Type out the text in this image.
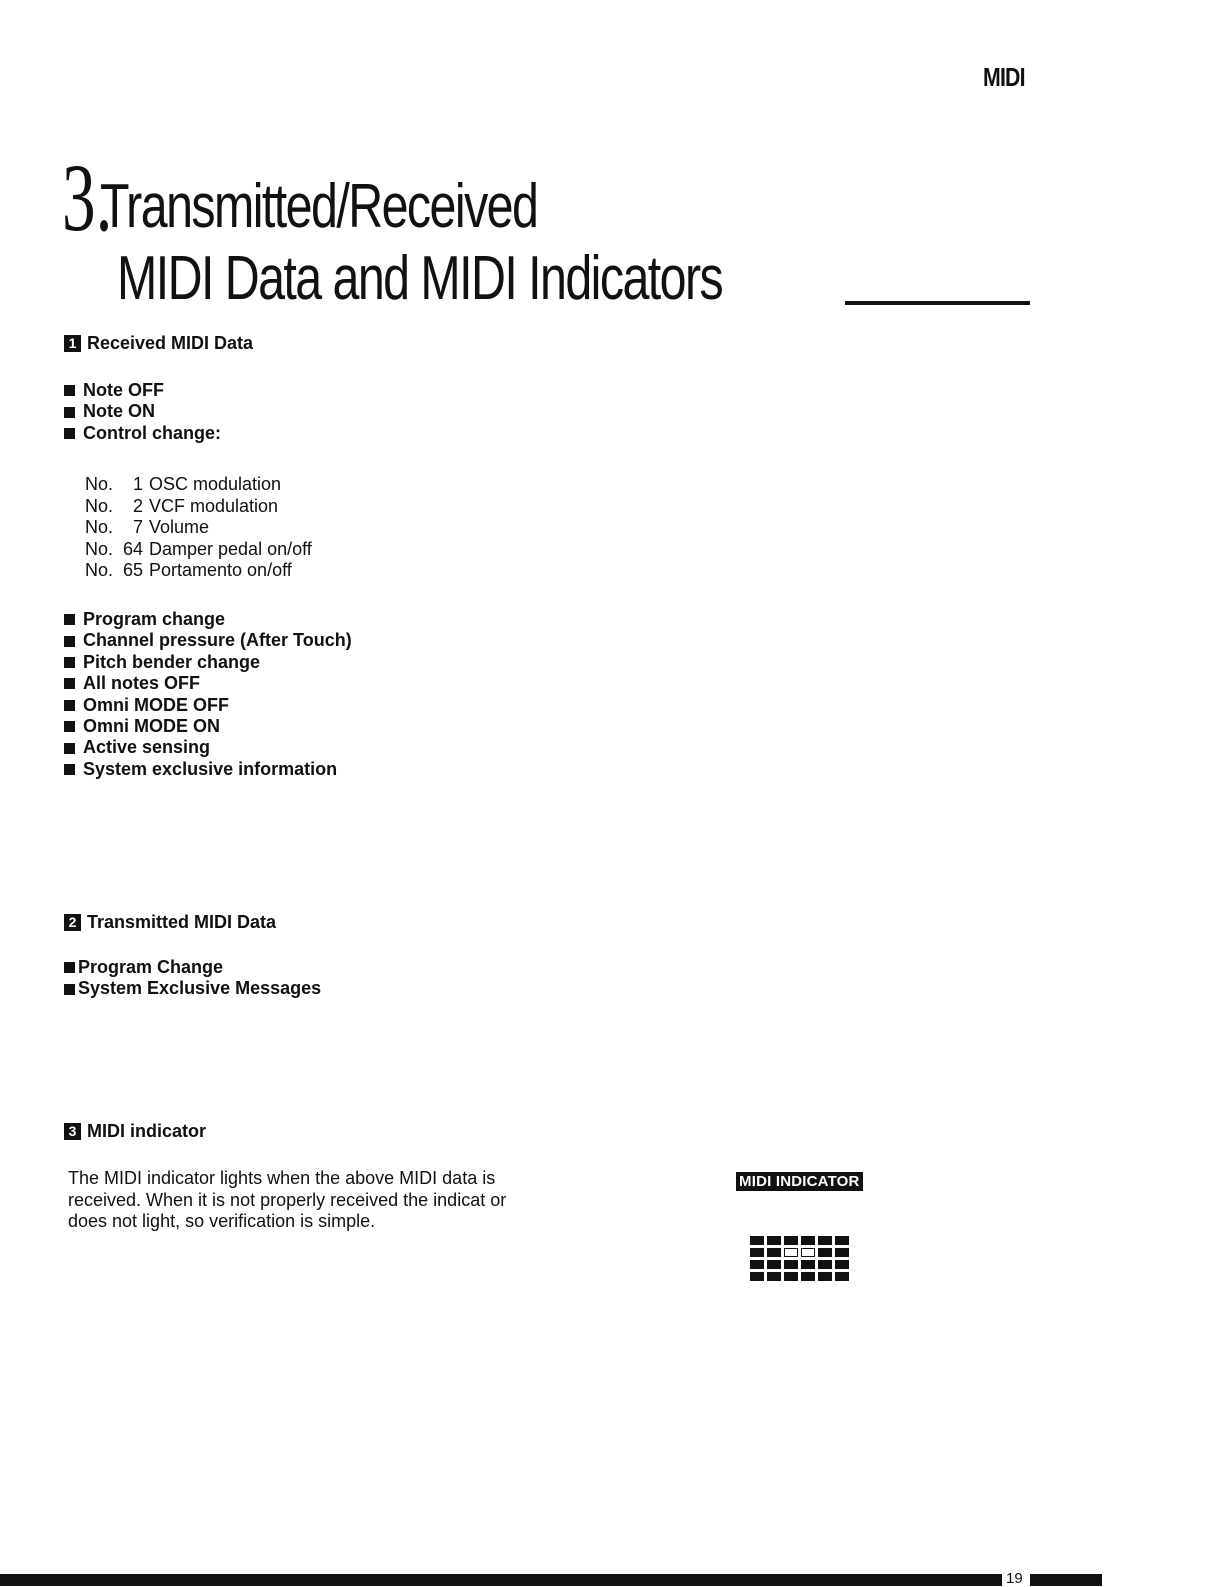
MIDI
3.
Transmitted/Received
MIDI Data and MIDI Indicators
1 Received MIDI Data
Note OFF
Note ON
Control change:
No. 1 OSC modulation
No. 2 VCF modulation
No. 7 Volume
No. 64 Damper pedal on/off
No. 65 Portamento on/off
Program change
Channel pressure (After Touch)
Pitch bender change
All notes OFF
Omni MODE OFF
Omni MODE ON
Active sensing
System exclusive information
2 Transmitted MIDI Data
Program Change
System Exclusive Messages
3 MIDI indicator

The MIDI indicator lights when the above MIDI data is received. When it is not properly received the indicat or does not light, so verification is simple.

MIDI INDICATOR
19
